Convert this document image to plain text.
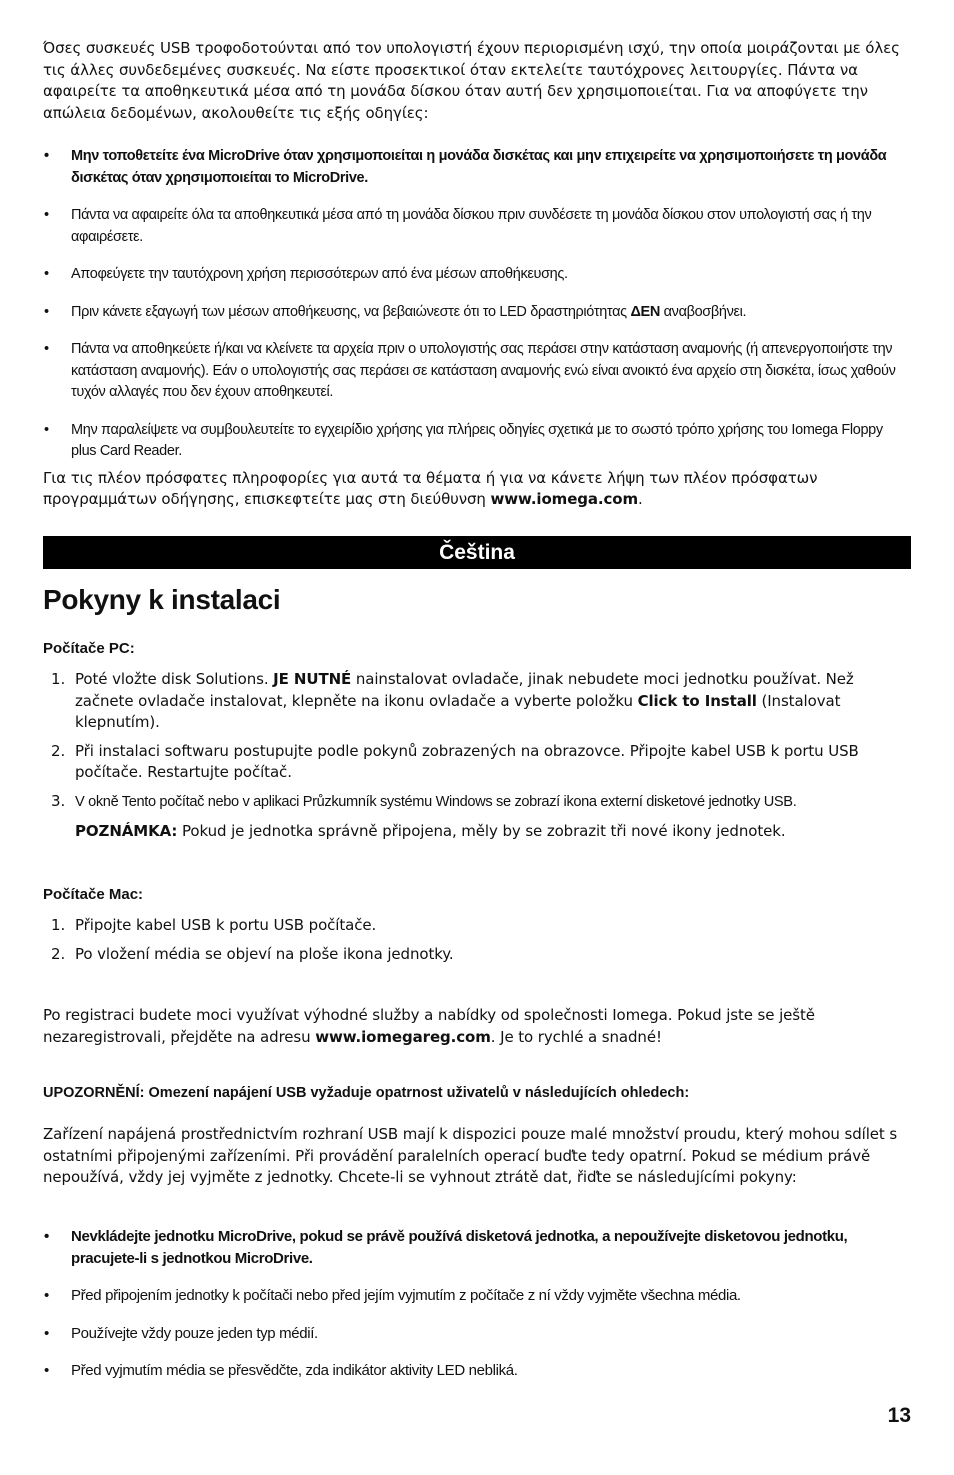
Όσες συσκευές USB τροφοδοτούνται από τον υπολογιστή έχουν περιορισμένη ισχύ, την οποία μοιράζονται με όλες τις άλλες συνδεδεμένες συσκευές. Να είστε προσεκτικοί όταν εκτελείτε ταυτόχρονες λειτουργίες. Πάντα να αφαιρείτε τα αποθηκευτικά μέσα από τη μονάδα δίσκου όταν αυτή δεν χρησιμοποιείται. Για να αποφύγετε την απώλεια δεδομένων, ακολουθείτε τις εξής οδηγίες:

• Μην τοποθετείτε ένα MicroDrive όταν χρησιμοποιείται η μονάδα δισκέτας και μην επιχειρείτε να χρησιμοποιήσετε τη μονάδα δισκέτας όταν χρησιμοποιείται το MicroDrive.
• Πάντα να αφαιρείτε όλα τα αποθηκευτικά μέσα από τη μονάδα δίσκου πριν συνδέσετε τη μονάδα δίσκου στον υπολογιστή σας ή την αφαιρέσετε.
• Αποφεύγετε την ταυτόχρονη χρήση περισσότερων από ένα μέσων αποθήκευσης.
• Πριν κάνετε εξαγωγή των μέσων αποθήκευσης, να βεβαιώνεστε ότι το LED δραστηριότητας ΔΕΝ αναβοσβήνει.
• Πάντα να αποθηκεύετε ή/και να κλείνετε τα αρχεία πριν ο υπολογιστής σας περάσει στην κατάσταση αναμονής (ή απενεργοποιήστε την κατάσταση αναμονής). Εάν ο υπολογιστής σας περάσει σε κατάσταση αναμονής ενώ είναι ανοικτό ένα αρχείο στη δισκέτα, ίσως χαθούν τυχόν αλλαγές που δεν έχουν αποθηκευτεί.
• Μην παραλείψετε να συμβουλευτείτε το εγχειρίδιο χρήσης για πλήρεις οδηγίες σχετικά με το σωστό τρόπο χρήσης του Iomega Floppy plus Card Reader.

Για τις πλέον πρόσφατες πληροφορίες για αυτά τα θέματα ή για να κάνετε λήψη των πλέον πρόσφατων προγραμμάτων οδήγησης, επισκεφτείτε μας στη διεύθυνση www.iomega.com.

Čeština
Pokyny k instalaci
Počítače PC:
1. Poté vložte disk Solutions. JE NUTNÉ nainstalovat ovladače, jinak nebudete moci jednotku používat. Než začnete ovladače instalovat, klepněte na ikonu ovladače a vyberte položku Click to Install (Instalovat klepnutím).
2. Při instalaci softwaru postupujte podle pokynů zobrazených na obrazovce. Připojte kabel USB k portu USB počítače. Restartujte počítač.
3. V okně Tento počítač nebo v aplikaci Průzkumník systému Windows se zobrazí ikona externí disketové jednotky USB.

POZNÁMKA: Pokud je jednotka správně připojena, měly by se zobrazit tři nové ikony jednotek.

Počítače Mac:
1. Připojte kabel USB k portu USB počítače.
2. Po vložení média se objeví na ploše ikona jednotky.

Po registraci budete moci využívat výhodné služby a nabídky od společnosti Iomega. Pokud jste se ještě nezaregistrovali, přejděte na adresu www.iomegareg.com. Je to rychlé a snadné!

UPOZORNĚNÍ: Omezení napájení USB vyžaduje opatrnost uživatelů v následujících ohledech:

Zařízení napájená prostřednictvím rozhraní USB mají k dispozici pouze malé množství proudu, který mohou sdílet s ostatními připojenými zařízeními. Při provádění paralelních operací buďte tedy opatrní. Pokud se médium právě nepoužívá, vždy jej vyjměte z jednotky. Chcete-li se vyhnout ztrátě dat, řiďte se následujícími pokyny:

• Nevkládejte jednotku MicroDrive, pokud se právě používá disketová jednotka, a nepoužívejte disketovou jednotku, pracujete-li s jednotkou MicroDrive.
• Před připojením jednotky k počítači nebo před jejím vyjmutím z počítače z ní vždy vyjměte všechna média.
• Používejte vždy pouze jeden typ médií.
• Před vyjmutím média se přesvědčte, zda indikátor aktivity LED nebliká.
13
